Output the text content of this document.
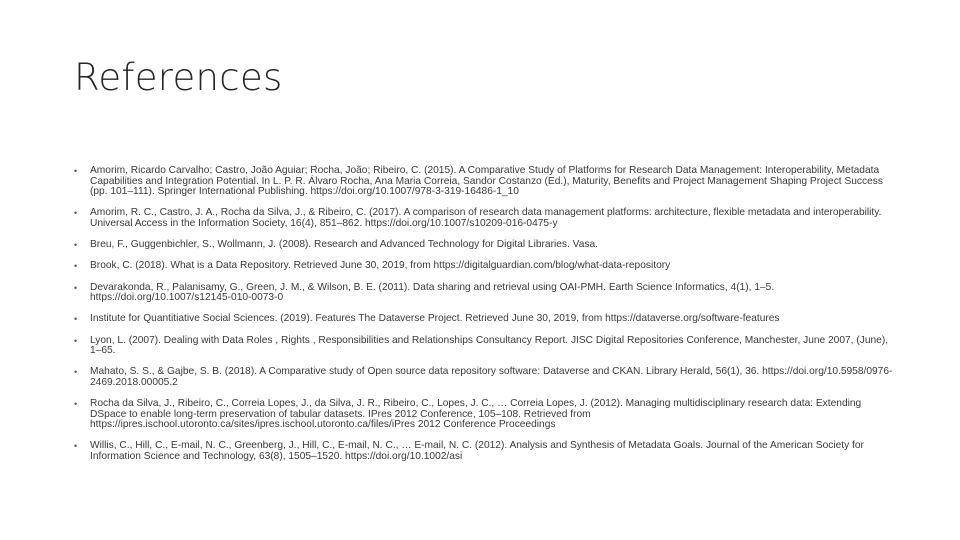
References
• Amorim, Ricardo Carvalho; Castro, João Aguiar; Rocha, João; Ribeiro, C. (2015). A Comparative Study of Platforms for Research Data Management: Interoperability, Metadata Capabilities and Integration Potential. In L. P. R. Álvaro Rocha, Ana Maria Correia, Sandor Costanzo (Ed.), Maturity, Benefits and Project Management Shaping Project Success (pp. 101–111). Springer International Publishing. https://doi.org/10.1007/978-3-319-16486-1_10
• Amorim, R. C., Castro, J. A., Rocha da Silva, J., & Ribeiro, C. (2017). A comparison of research data management platforms: architecture, flexible metadata and interoperability. Universal Access in the Information Society, 16(4), 851–862. https://doi.org/10.1007/s10209-016-0475-y
• Breu, F., Guggenbichler, S., Wollmann, J. (2008). Research and Advanced Technology for Digital Libraries. Vasa.
• Brook, C. (2018). What is a Data Repository. Retrieved June 30, 2019, from https://digitalguardian.com/blog/what-data-repository
• Devarakonda, R., Palanisamy, G., Green, J. M., & Wilson, B. E. (2011). Data sharing and retrieval using OAI-PMH. Earth Science Informatics, 4(1), 1–5. https://doi.org/10.1007/s12145-010-0073-0
• Institute for Quantitiative Social Sciences. (2019). Features The Dataverse Project. Retrieved June 30, 2019, from https://dataverse.org/software-features
• Lyon, L. (2007). Dealing with Data Roles , Rights , Responsibilities and Relationships Consultancy Report. JISC Digital Repositories Conference, Manchester, June 2007, (June), 1–65.
• Mahato, S. S., & Gajbe, S. B. (2018). A Comparative study of Open source data repository software: Dataverse and CKAN. Library Herald, 56(1), 36. https://doi.org/10.5958/0976-2469.2018.00005.2
• Rocha da Silva, J., Ribeiro, C., Correia Lopes, J., da Silva, J. R., Ribeiro, C., Lopes, J. C., … Correia Lopes, J. (2012). Managing multidisciplinary research data: Extending DSpace to enable long-term preservation of tabular datasets. IPres 2012 Conference, 105–108. Retrieved from https://ipres.ischool.utoronto.ca/sites/ipres.ischool.utoronto.ca/files/iPres 2012 Conference Proceedings
• Willis, C., Hill, C., E-mail, N. C., Greenberg, J., Hill, C., E-mail, N. C., … E-mail, N. C. (2012). Analysis and Synthesis of Metadata Goals. Journal of the American Society for Information Science and Technology, 63(8), 1505–1520. https://doi.org/10.1002/asi
